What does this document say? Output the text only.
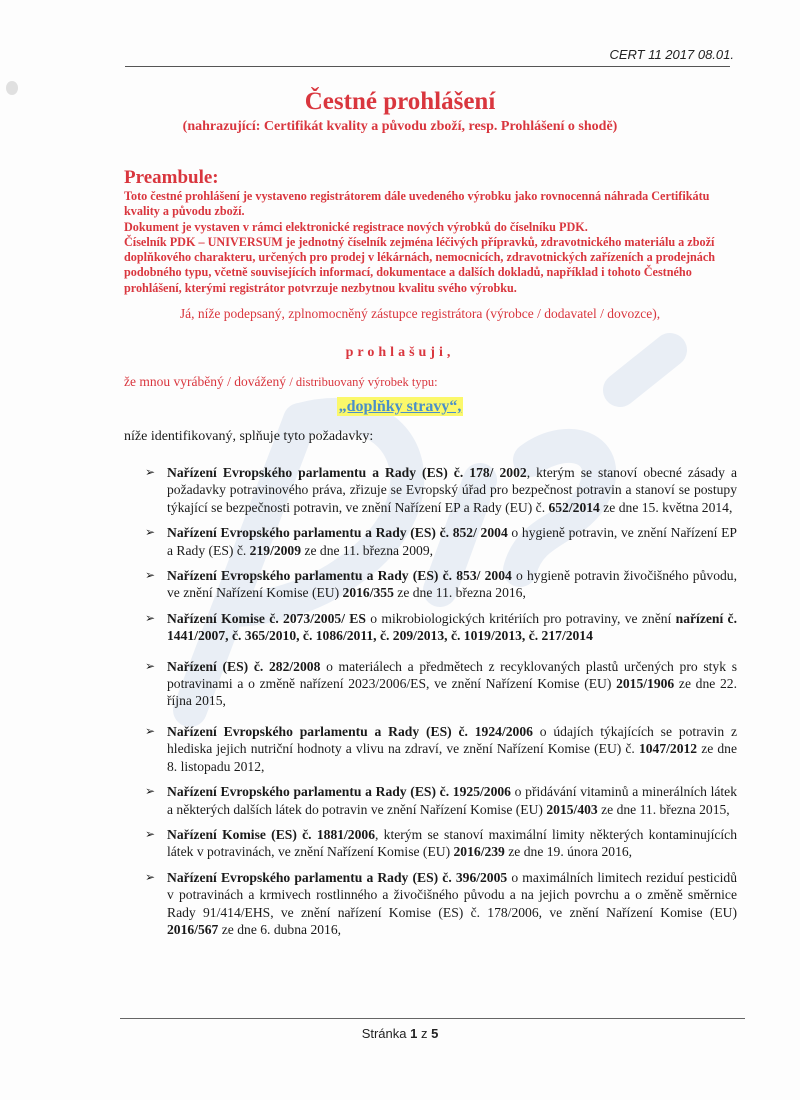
CERT 11 2017 08.01.
Čestné prohlášení
(nahrazující: Certifikát kvality a původu zboží, resp. Prohlášení o shodě)
Preambule:

Toto čestné prohlášení je vystaveno registrátorem dále uvedeného výrobku jako rovnocenná náhrada Certifikátu kvality a původu zboží.

Dokument je vystaven v rámci elektronické registrace nových výrobků do číselníku PDK.

Číselník PDK – UNIVERSUM je jednotný číselník zejména léčivých přípravků, zdravotnického materiálu a zboží doplňkového charakteru, určených pro prodej v lékárnách, nemocnicích, zdravotnických zařízeních a prodejnách podobného typu, včetně souvisejících informací, dokumentace a dalších dokladů, například i tohoto Čestného prohlášení, kterými registrátor potvrzuje nezbytnou kvalitu svého výrobku.

Já, níže podepsaný, zplnomocněný zástupce registrátora (výrobce / dodavatel / dovozce),
prohlašuji,
že mnou vyráběný / dovážený / distribuovaný výrobek typu:
„doplňky stravy“,
níže identifikovaný, splňuje tyto požadavky:
➢ Nařízení Evropského parlamentu a Rady (ES) č. 178/ 2002, kterým se stanoví obecné zásady a požadavky potravinového práva, zřizuje se Evropský úřad pro bezpečnost potravin a stanoví se postupy týkající se bezpečnosti potravin, ve znění Nařízení EP a Rady (EU) č. 652/2014 ze dne 15. května 2014,
➢ Nařízení Evropského parlamentu a Rady (ES) č. 852/ 2004 o hygieně potravin, ve znění Nařízení EP a Rady (ES) č. 219/2009 ze dne 11. března 2009,
➢ Nařízení Evropského parlamentu a Rady (ES) č. 853/ 2004 o hygieně potravin živočišného původu, ve znění Nařízení Komise (EU) 2016/355 ze dne 11. března 2016,
➢ Nařízení Komise č. 2073/2005/ ES o mikrobiologických kritériích pro potraviny, ve znění nařízení č. 1441/2007, č. 365/2010, č. 1086/2011, č. 209/2013, č. 1019/2013, č. 217/2014
➢ Nařízení (ES) č. 282/2008 o materiálech a předmětech z recyklovaných plastů určených pro styk s potravinami a o změně nařízení 2023/2006/ES, ve znění Nařízení Komise (EU) 2015/1906 ze dne 22. října 2015,
➢ Nařízení Evropského parlamentu a Rady (ES) č. 1924/2006 o údajích týkajících se potravin z hlediska jejich nutriční hodnoty a vlivu na zdraví, ve znění Nařízení Komise (EU) č. 1047/2012 ze dne 8. listopadu 2012,
➢ Nařízení Evropského parlamentu a Rady (ES) č. 1925/2006 o přidávání vitaminů a minerálních látek a některých dalších látek do potravin ve znění Nařízení Komise (EU) 2015/403 ze dne 11. března 2015,
➢ Nařízení Komise (ES) č. 1881/2006, kterým se stanoví maximální limity některých kontaminujících látek v potravinách, ve znění Nařízení Komise (EU) 2016/239 ze dne 19. února 2016,
➢ Nařízení Evropského parlamentu a Rady (ES) č. 396/2005 o maximálních limitech reziduí pesticidů v potravinách a krmivech rostlinného a živočišného původu a na jejich povrchu a o změně směrnice Rady 91/414/EHS, ve znění nařízení Komise (ES) č. 178/2006, ve znění Nařízení Komise (EU) 2016/567 ze dne 6. dubna 2016,
Stránka 1 z 5
